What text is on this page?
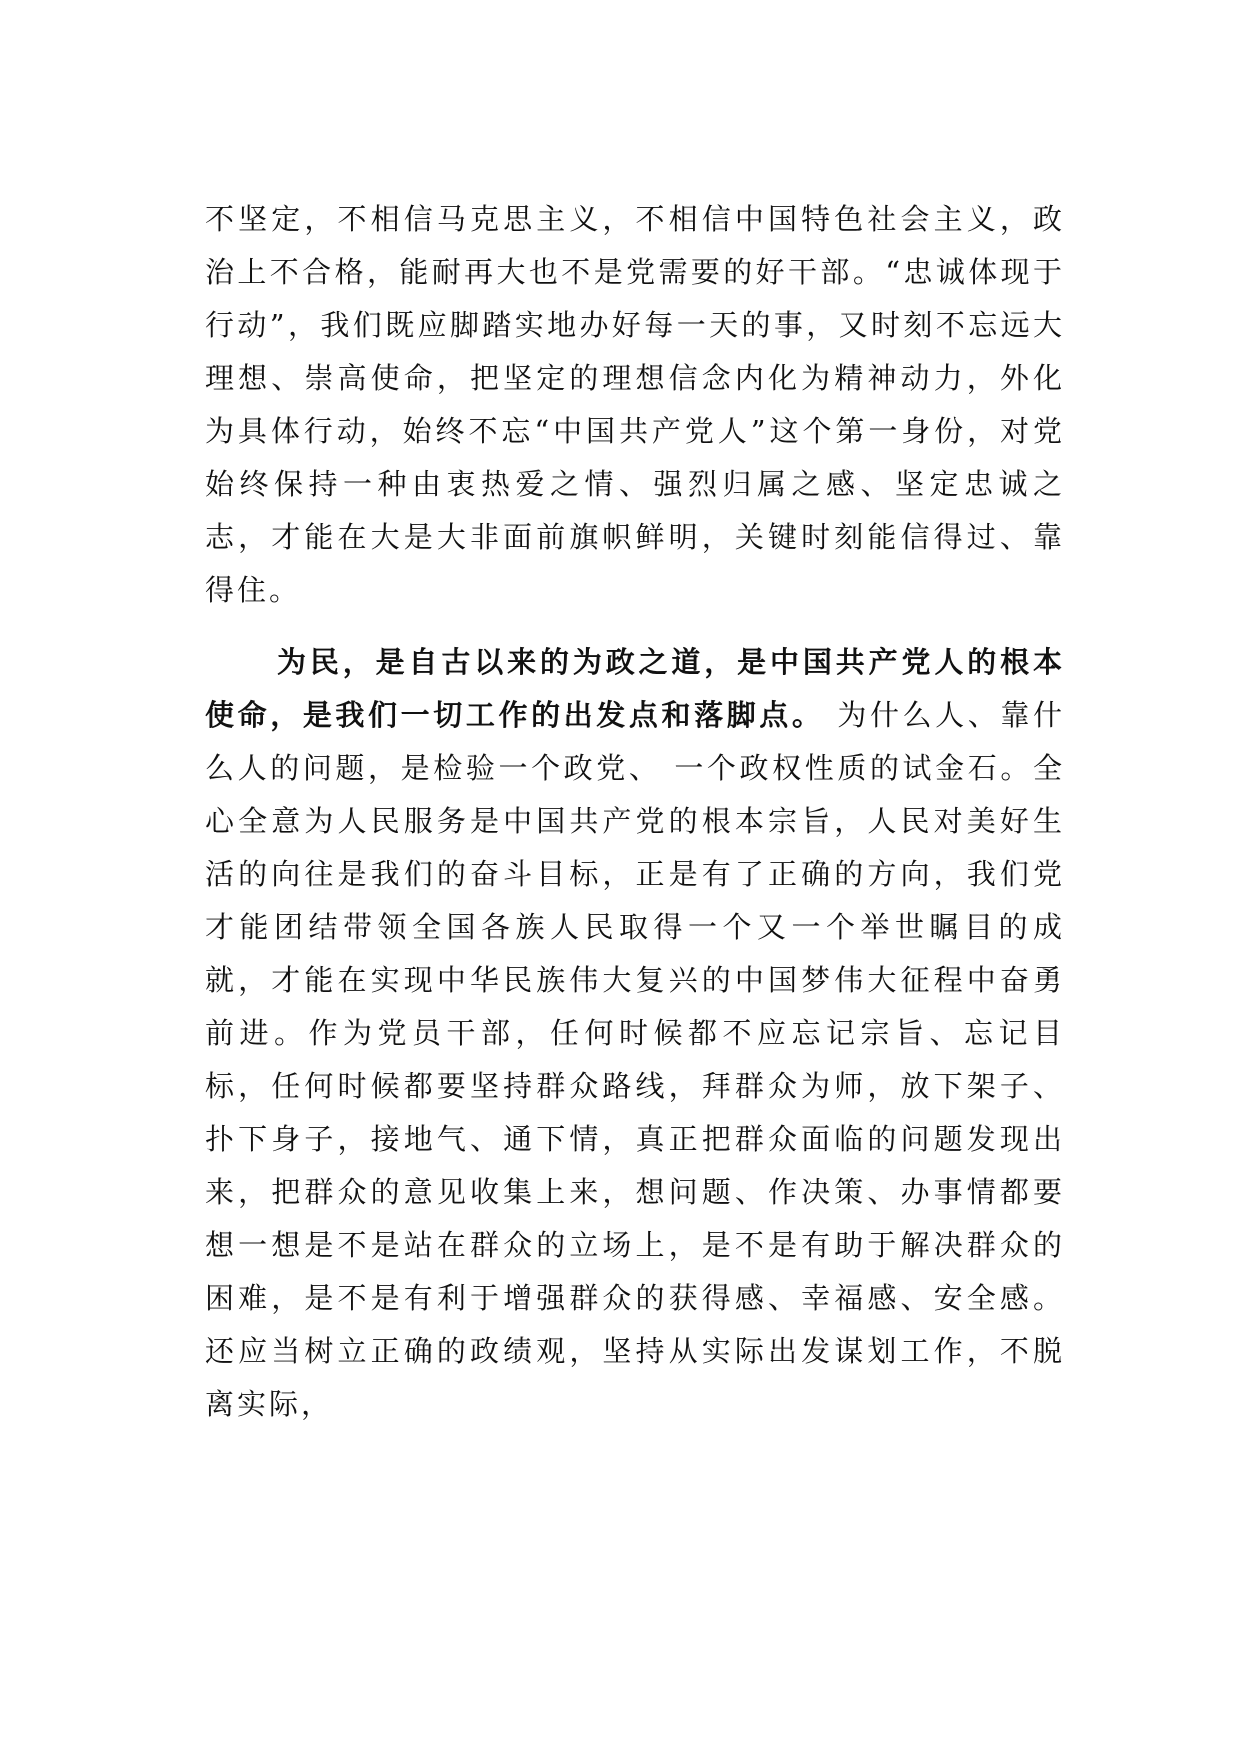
不坚定，不相信马克思主义，不相信中国特色社会主义，政治上不合格，能耐再大也不是党需要的好干部。“忠诚体现于行动”，我们既应脚踏实地办好每一天的事，又时刻不忘远大理想、崇高使命，把坚定的理想信念内化为精神动力，外化为具体行动，始终不忘“中国共产党人”这个第一身份，对党始终保持一种由衷热爱之情、强烈归属之感、坚定忠诚之志，才能在大是大非面前旗帜鲜明，关键时刻能信得过、靠得住。

为民，是自古以来的为政之道，是中国共产党人的根本使命，是我们一切工作的出发点和落脚点。 为什么人、靠什么人的问题，是检验一个政党、 一个政权性质的试金石。全心全意为人民服务是中国共产党的根本宗旨，人民对美好生活的向往是我们的奋斗目标，正是有了正确的方向，我们党才能团结带领全国各族人民取得一个又一个举世瞩目的成就，才能在实现中华民族伟大复兴的中国梦伟大征程中奋勇前进。作为党员干部，任何时候都不应忘记宗旨、忘记目标，任何时候都要坚持群众路线，拜群众为师，放下架子、扑下身子，接地气、通下情，真正把群众面临的问题发现出来，把群众的意见收集上来，想问题、作决策、办事情都要想一想是不是站在群众的立场上，是不是有助于解决群众的困难，是不是有利于增强群众的获得感、幸福感、安全感。还应当树立正确的政绩观，坚持从实际出发谋划工作，不脱离实际，
